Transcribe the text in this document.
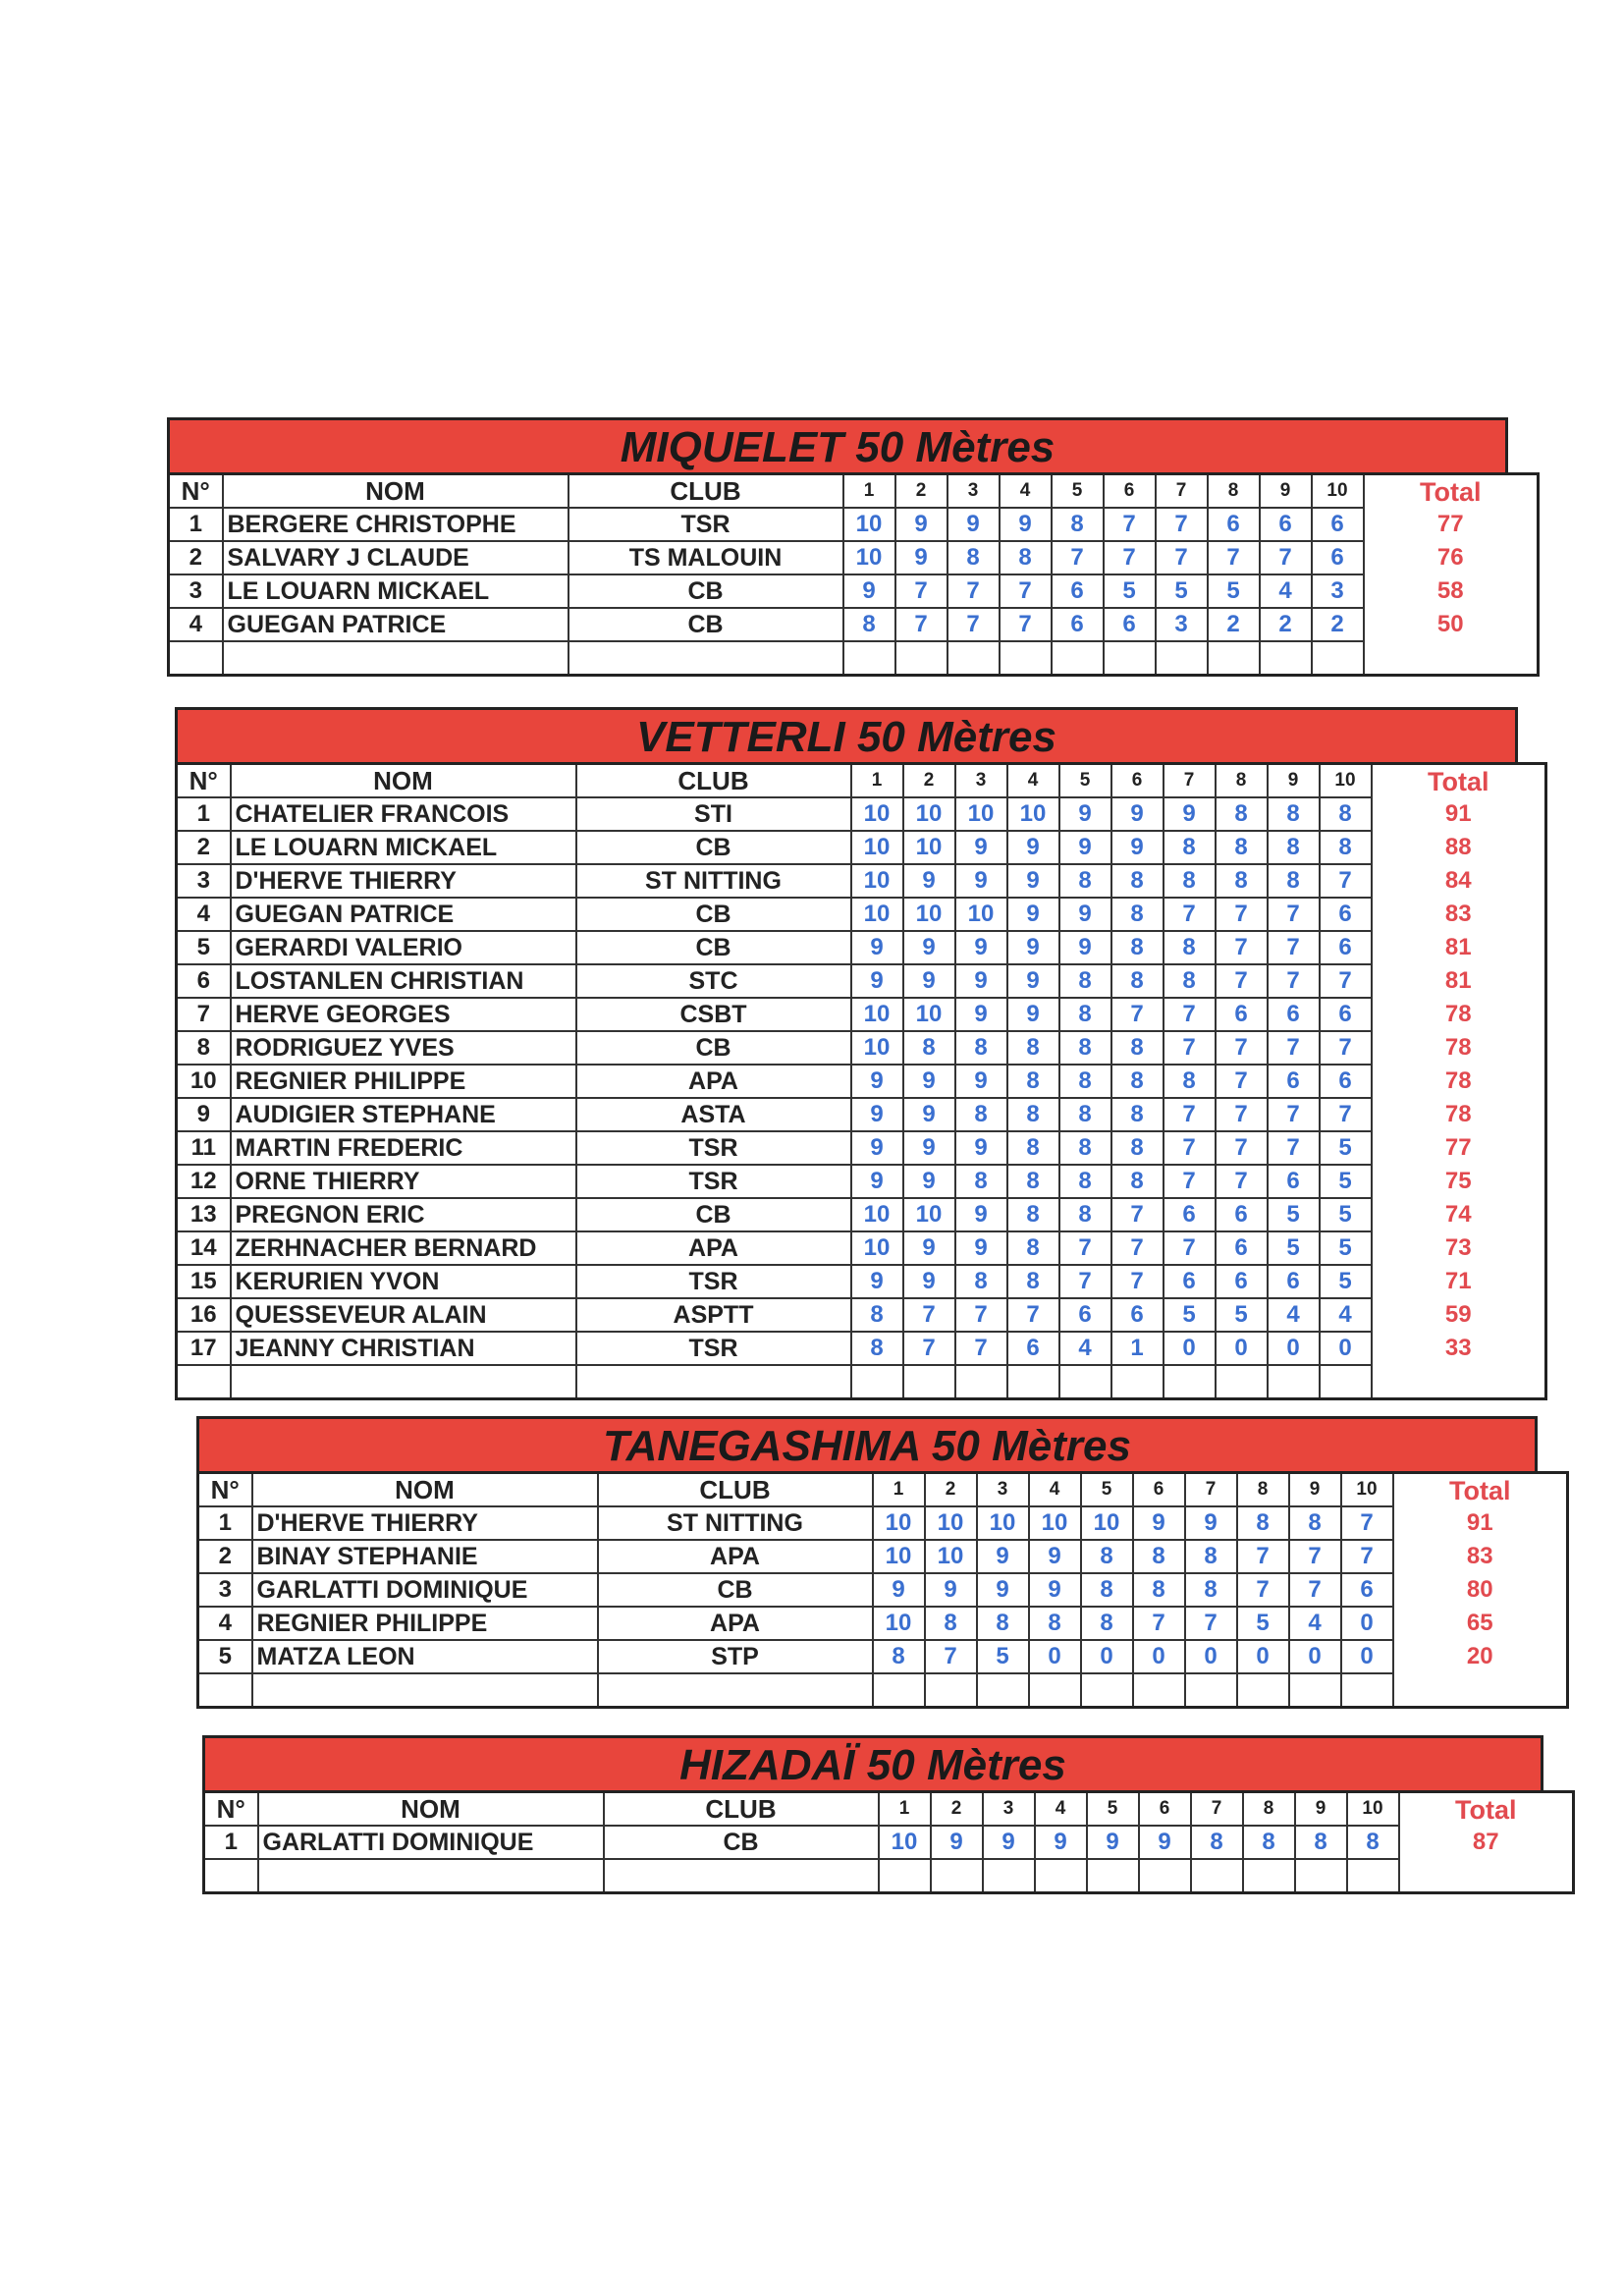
MIQUELET 50 Mètres
N°	NOM	CLUB	1	2	3	4	5	6	7	8	9	10	Total
1	BERGERE CHRISTOPHE	TSR	10	9	9	9	8	7	7	6	6	6	77
2	SALVARY J CLAUDE	TS MALOUIN	10	9	8	8	7	7	7	7	7	6	76
3	LE LOUARN MICKAEL	CB	9	7	7	7	6	5	5	5	4	3	58
4	GUEGAN PATRICE	CB	8	7	7	7	6	6	3	2	2	2	50

VETTERLI 50 Mètres
N°	NOM	CLUB	1	2	3	4	5	6	7	8	9	10	Total
1	CHATELIER FRANCOIS	STI	10	10	10	10	9	9	9	8	8	8	91
2	LE LOUARN MICKAEL	CB	10	10	9	9	9	9	8	8	8	8	88
3	D'HERVE THIERRY	ST NITTING	10	9	9	9	8	8	8	8	8	7	84
4	GUEGAN PATRICE	CB	10	10	10	9	9	8	7	7	7	6	83
5	GERARDI VALERIO	CB	9	9	9	9	9	8	8	7	7	6	81
6	LOSTANLEN CHRISTIAN	STC	9	9	9	9	8	8	8	7	7	7	81
7	HERVE GEORGES	CSBT	10	10	9	9	8	7	7	6	6	6	78
8	RODRIGUEZ YVES	CB	10	8	8	8	8	8	7	7	7	7	78
10	REGNIER PHILIPPE	APA	9	9	9	8	8	8	8	7	6	6	78
9	AUDIGIER STEPHANE	ASTA	9	9	8	8	8	8	7	7	7	7	78
11	MARTIN FREDERIC	TSR	9	9	9	8	8	8	7	7	7	5	77
12	ORNE THIERRY	TSR	9	9	8	8	8	8	7	7	6	5	75
13	PREGNON ERIC	CB	10	10	9	8	8	7	6	6	5	5	74
14	ZERHNACHER BERNARD	APA	10	9	9	8	7	7	7	6	5	5	73
15	KERURIEN YVON	TSR	9	9	8	8	7	7	6	6	6	5	71
16	QUESSEVEUR ALAIN	ASPTT	8	7	7	7	6	6	5	5	4	4	59
17	JEANNY CHRISTIAN	TSR	8	7	7	6	4	1	0	0	0	0	33

TANEGASHIMA 50 Mètres
N°	NOM	CLUB	1	2	3	4	5	6	7	8	9	10	Total
1	D'HERVE THIERRY	ST NITTING	10	10	10	10	10	9	9	8	8	7	91
2	BINAY STEPHANIE	APA	10	10	9	9	8	8	8	7	7	7	83
3	GARLATTI DOMINIQUE	CB	9	9	9	9	8	8	8	7	7	6	80
4	REGNIER PHILIPPE	APA	10	8	8	8	8	7	7	5	4	0	65
5	MATZA LEON	STP	8	7	5	0	0	0	0	0	0	0	20

HIZADAÏ 50 Mètres
N°	NOM	CLUB	1	2	3	4	5	6	7	8	9	10	Total
1	GARLATTI DOMINIQUE	CB	10	9	9	9	9	9	8	8	8	8	87
